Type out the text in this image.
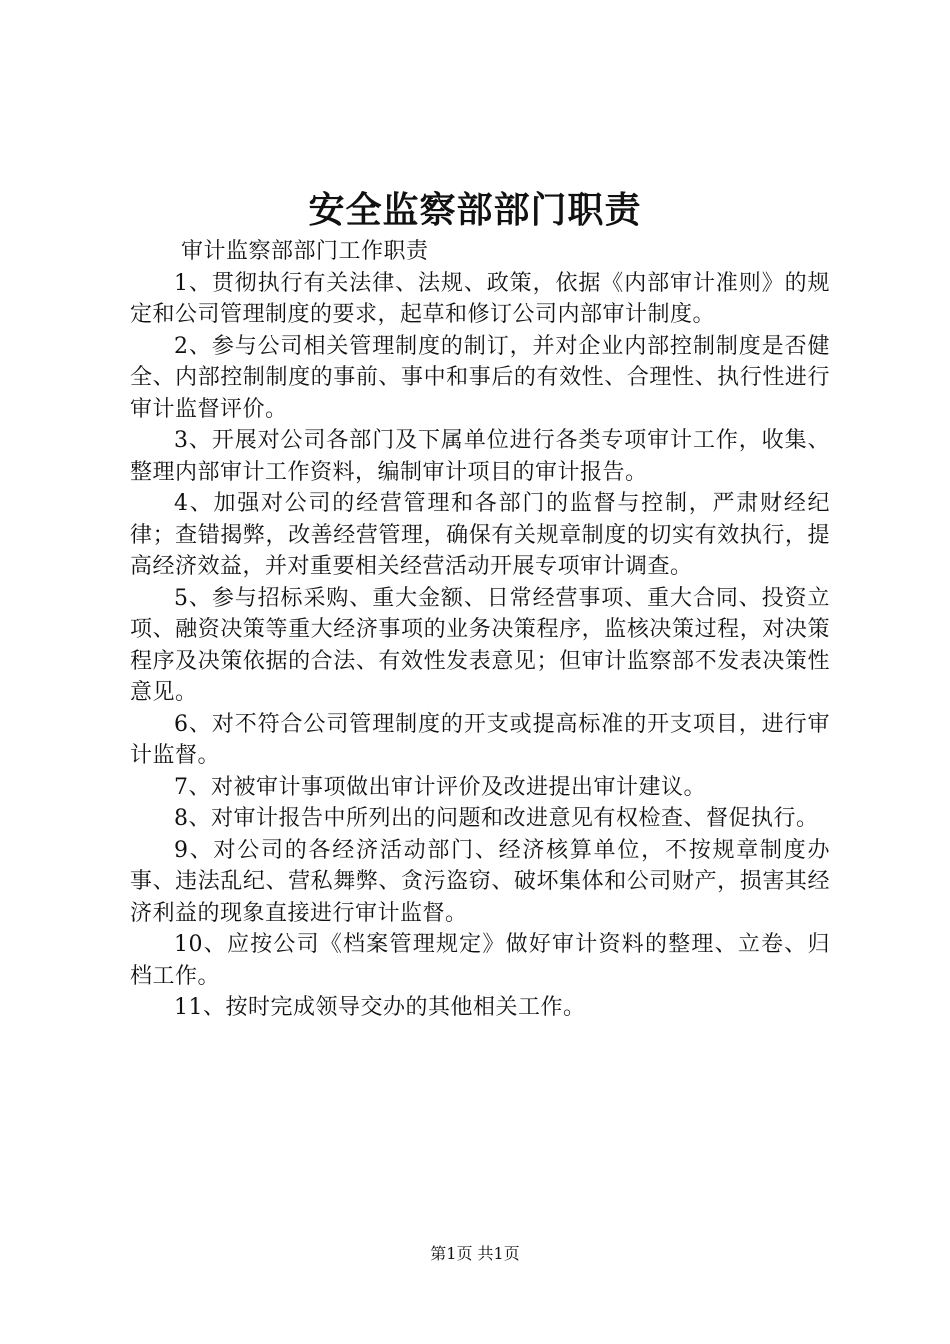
安全监察部部门职责

审计监察部部门工作职责

1、贯彻执行有关法律、法规、政策，依据《内部审计准则》的规定和公司管理制度的要求，起草和修订公司内部审计制度。

2、参与公司相关管理制度的制订，并对企业内部控制制度是否健全、内部控制制度的事前、事中和事后的有效性、合理性、执行性进行审计监督评价。

3、开展对公司各部门及下属单位进行各类专项审计工作，收集、整理内部审计工作资料，编制审计项目的审计报告。

4、加强对公司的经营管理和各部门的监督与控制，严肃财经纪律；查错揭弊，改善经营管理，确保有关规章制度的切实有效执行，提高经济效益，并对重要相关经营活动开展专项审计调查。

5、参与招标采购、重大金额、日常经营事项、重大合同、投资立项、融资决策等重大经济事项的业务决策程序，监核决策过程，对决策程序及决策依据的合法、有效性发表意见；但审计监察部不发表决策性意见。

6、对不符合公司管理制度的开支或提高标准的开支项目，进行审计监督。

7、对被审计事项做出审计评价及改进提出审计建议。

8、对审计报告中所列出的问题和改进意见有权检查、督促执行。

9、对公司的各经济活动部门、经济核算单位，不按规章制度办事、违法乱纪、营私舞弊、贪污盗窃、破坏集体和公司财产，损害其经济利益的现象直接进行审计监督。

10、应按公司《档案管理规定》做好审计资料的整理、立卷、归档工作。

11、按时完成领导交办的其他相关工作。

第1页 共1页
